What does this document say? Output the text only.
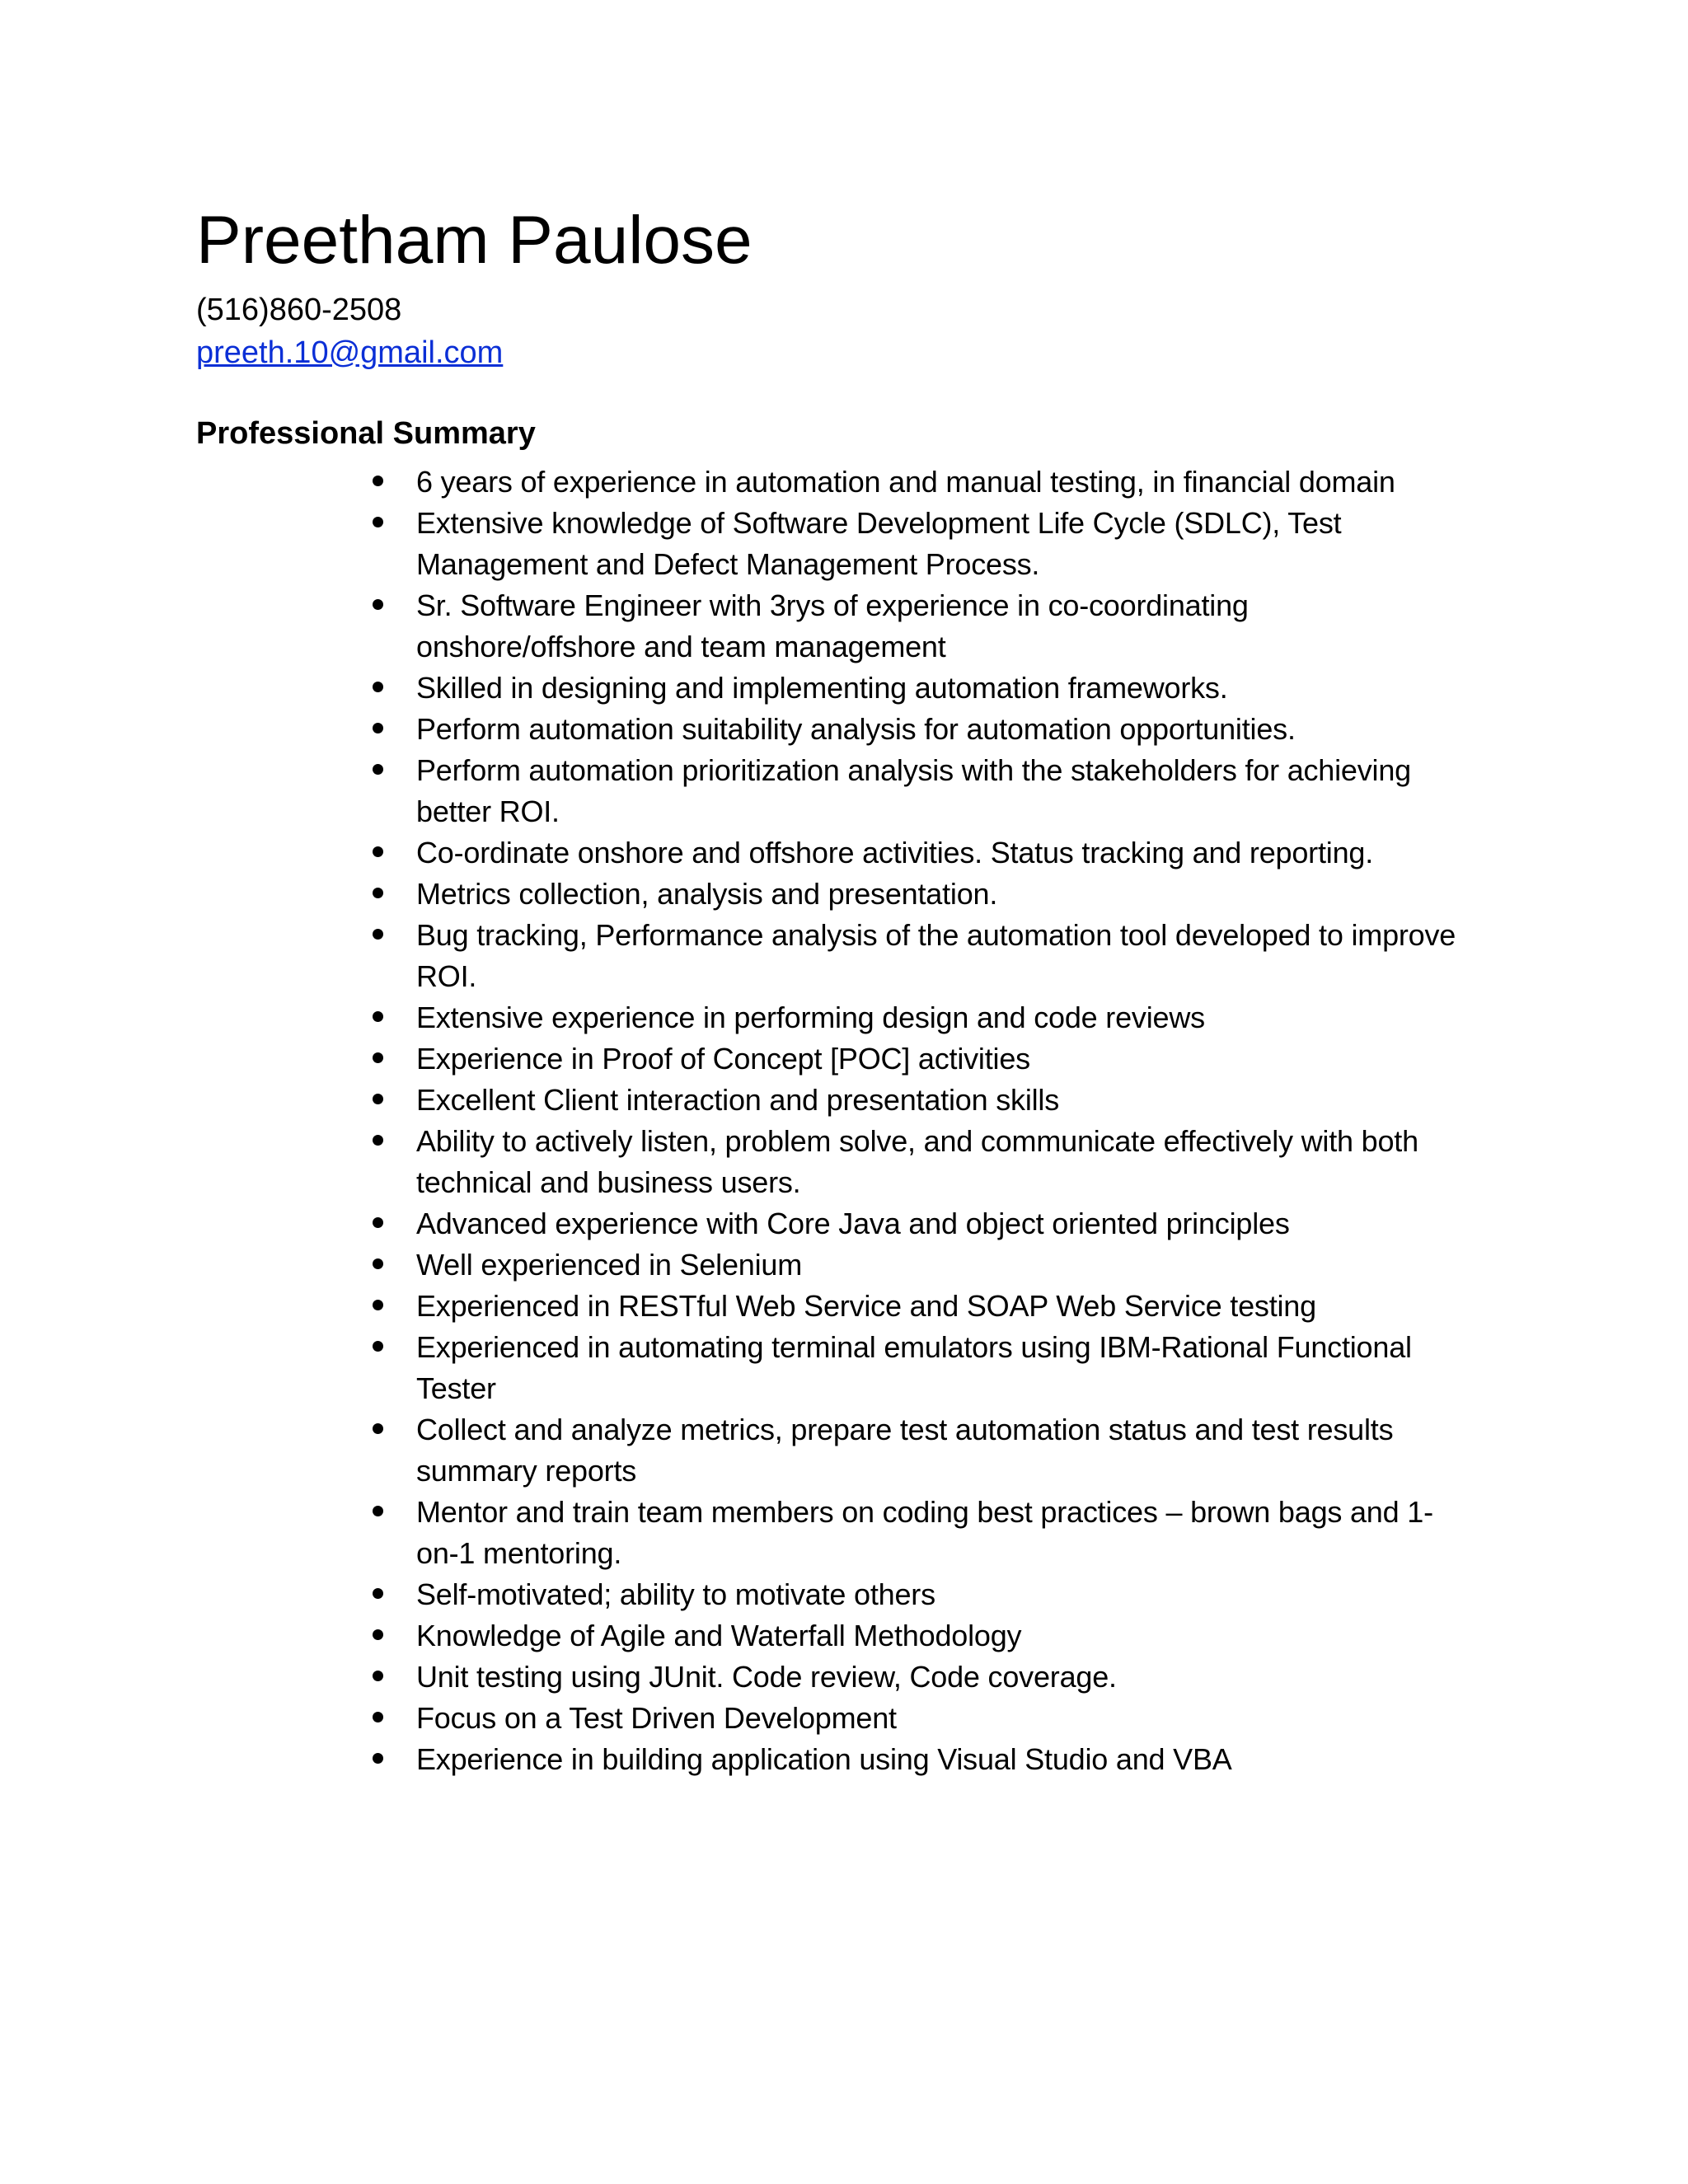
Preetham Paulose

(516)860-2508

preeth.10@gmail.com

Professional Summary
6 years of experience in automation and manual testing, in financial domain
Extensive knowledge of Software Development Life Cycle (SDLC), Test Management and Defect Management Process.
Sr. Software Engineer with 3rys of experience in co-coordinating onshore/offshore and team management
Skilled in designing and implementing automation frameworks.
Perform automation suitability analysis for automation opportunities.
Perform automation prioritization analysis with the stakeholders for achieving better ROI.
Co-ordinate onshore and offshore activities. Status tracking and reporting.
Metrics collection, analysis and presentation.
Bug tracking, Performance analysis of the automation tool developed to improve ROI.
Extensive experience in performing design and code reviews
Experience in Proof of Concept [POC] activities
Excellent Client interaction and presentation skills
Ability to actively listen, problem solve, and communicate effectively with both technical and business users.
Advanced experience with Core Java and object oriented principles
Well experienced in Selenium
Experienced in RESTful Web Service and SOAP Web Service testing
Experienced in automating terminal emulators using IBM-Rational Functional Tester
Collect and analyze metrics, prepare test automation status and test results summary reports
Mentor and train team members on coding best practices – brown bags and 1-on-1 mentoring.
Self-motivated; ability to motivate others
Knowledge of Agile and Waterfall Methodology
Unit testing using JUnit. Code review, Code coverage.
Focus on a Test Driven Development
Experience in building application using Visual Studio and VBA
